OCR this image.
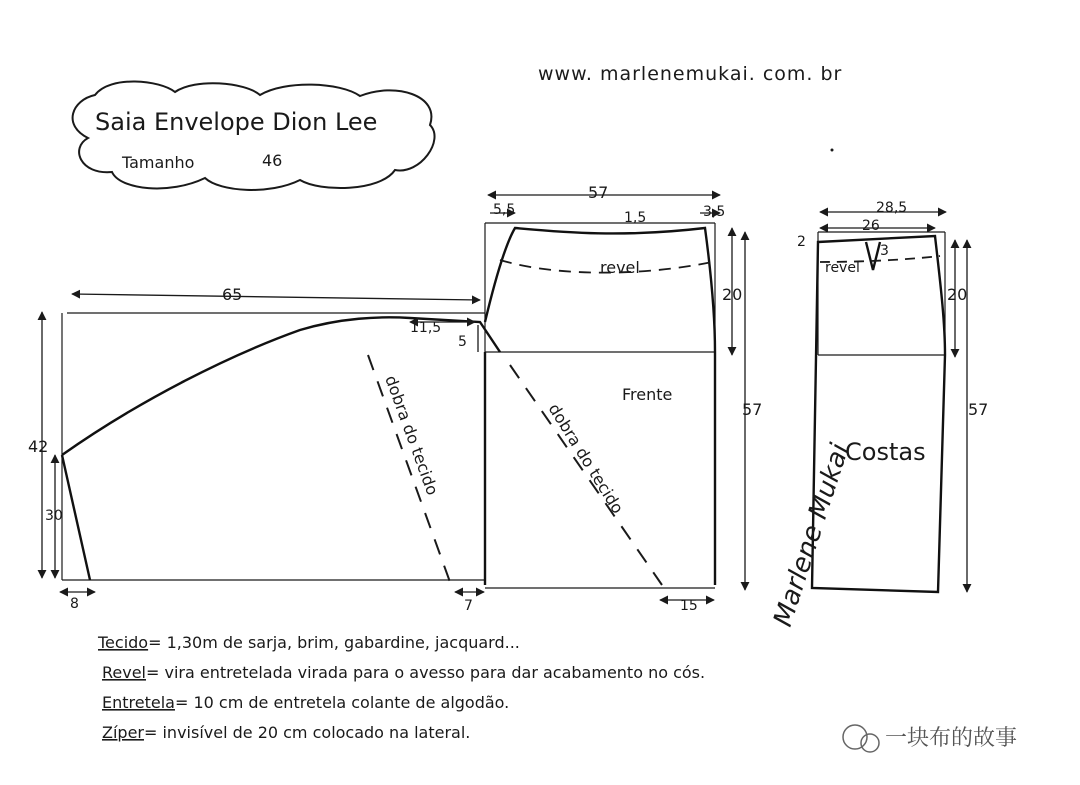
Saia Envelope Dion Lee
Tamanho	46
www. marlenemukai. com. br
revel
dobra do tecido	dobra do tecido
Frente
65
57
5,5	3,5
1,5
11,5
5
20
57
42
30
8	7	15
revel
Costas
28,5
26
2
3
20
57
Marlene Mukai
Tecido= 1,30m de sarja, brim, gabardine, jacquard...
Revel= vira entretelada virada para o avesso para dar acabamento no cós.
Entretela= 10 cm de entretela colante de algodão.
Zíper= invisível de 20 cm colocado na lateral.	一块布的故事
